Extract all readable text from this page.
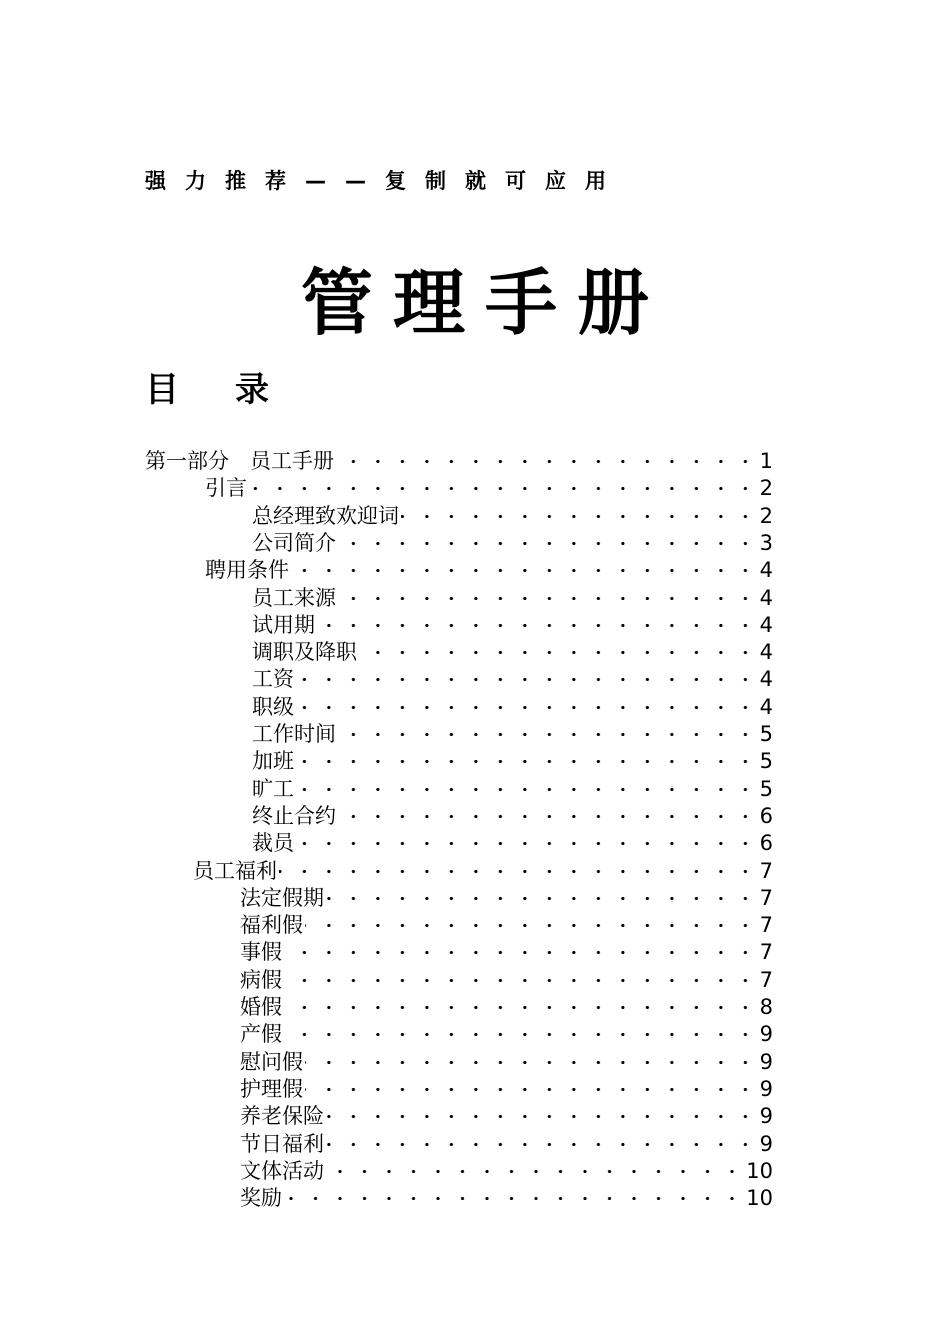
强力推荐——复制就可应用
管理手册
目录
第一部分　员工手册	1
引言	2
总经理致欢迎词	2
公司简介	3
聘用条件	4
员工来源	4
试用期	4
调职及降职	4
工资	4
职级	4
工作时间	5
加班	5
旷工	5
终止合约	6
裁员	6
员工福利	7
法定假期	7
福利假	7
事假	7
病假	7
婚假	8
产假	9
慰问假	9
护理假	9
养老保险	9
节日福利	9
文体活动	10
奖励	10
